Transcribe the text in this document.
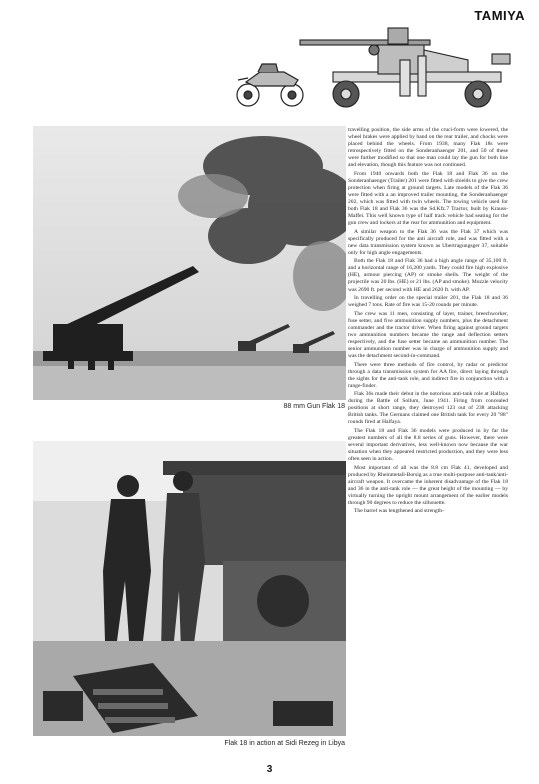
TAMIYA
88 mm Gun Flak 18
Flak 18 in action at Sidi Rezeg in Libya

travelling position, the side arms of the cruci-form were lowered, the wheel brakes were applied by hand on the rear trailer, and chocks were placed behind the wheels. From 1938, many Flak 18s were retrospectively fitted on the Sonderanhaenger 201, and 50 of these were further modified so that one man could lay the gun for both line and elevation, though this feature was not continued.

From 1940 onwards both the Flak 18 and Flak 36 on the Sonderanhaenger (Trailer) 201 were fitted with shields to give the crew protection when firing at ground targets. Late models of the Flak 36 were fitted with a an improved trailer mounting, the Sonderanhaenger 202, which was fitted with twin wheels. The towing vehicle used for both Flak 18 and Flak 36 was the Sd.Kfz.7 Tractor, built by Krauss-Maffei. This well known type of half track vehicle had seating for the gun crew and lockers at the rear for ammunition and equipment.

A similar weapon to the Flak 36 was the Flak 37 which was specifically produced for the anti aircraft role, and was fitted with a new data transmission system known as Ubertragungsger 37, suitable only for high angle engagements.

Both the Flak 18 and Flak 36 had a high angle range of 35,100 ft. and a horizontal range of 16,200 yards. They could fire high explosive (HE), armour piercing (AP) or smoke shells. The weight of the projectile was 20 lbs. (HE) or 21 lbs. (AP and smoke). Muzzle velocity was 2690 ft. per second with HE and 2620 ft. with AP.

In travelling order on the special trailer 201, the Flak 18 and 36 weighed 7 tons. Rate of fire was 15-20 rounds per minute.

The crew was 11 men, consisting of layer, trainer, breechworker, fuse setter, and five ammunition supply numbers, plus the detachment commander and the tractor driver. When firing against ground targets two ammunition numbers became the range and deflection setters respectively, and the fuse setter became an ammunition number. The senior ammunition number was in charge of ammunition supply and was the detachment second-in-command.

There were three methods of fire control, by radar or predictor through a data transmission system for AA fire, direct laying through the sights for the anti-tank role, and indirect fire in conjunction with a range-finder.

Flak 36s made their debut in the notorious anti-tank role at Halfaya during the Battle of Sollum, June 1941. Firing from concealed positions at short range, they destroyed 123 out of 238 attacking British tanks. The Germans claimed one British tank for every 20 "88" rounds fired at Halfaya.

The Flak 18 and Flak 36 models were produced in by far the greatest numbers of all the 8.8 series of guns. However, there were several important derivatives, less well-known now because the war situation when they appeared restricted production, and they were less often seen in action.

Most important of all was the 8.8 cm Flak 41, developed and produced by Rheinmetall-Borsig as a true multi-purpose anti-tank/anti-aircraft weapon. It overcame the inherent disadvantage of the Flak 18 and 36 in the anti-tank role — the great height of the mounting — by virtually turning the upright mount arrangement of the earlier models through 90 degrees to reduce the silhouette.

The barrel was lengthened and strength-

3
